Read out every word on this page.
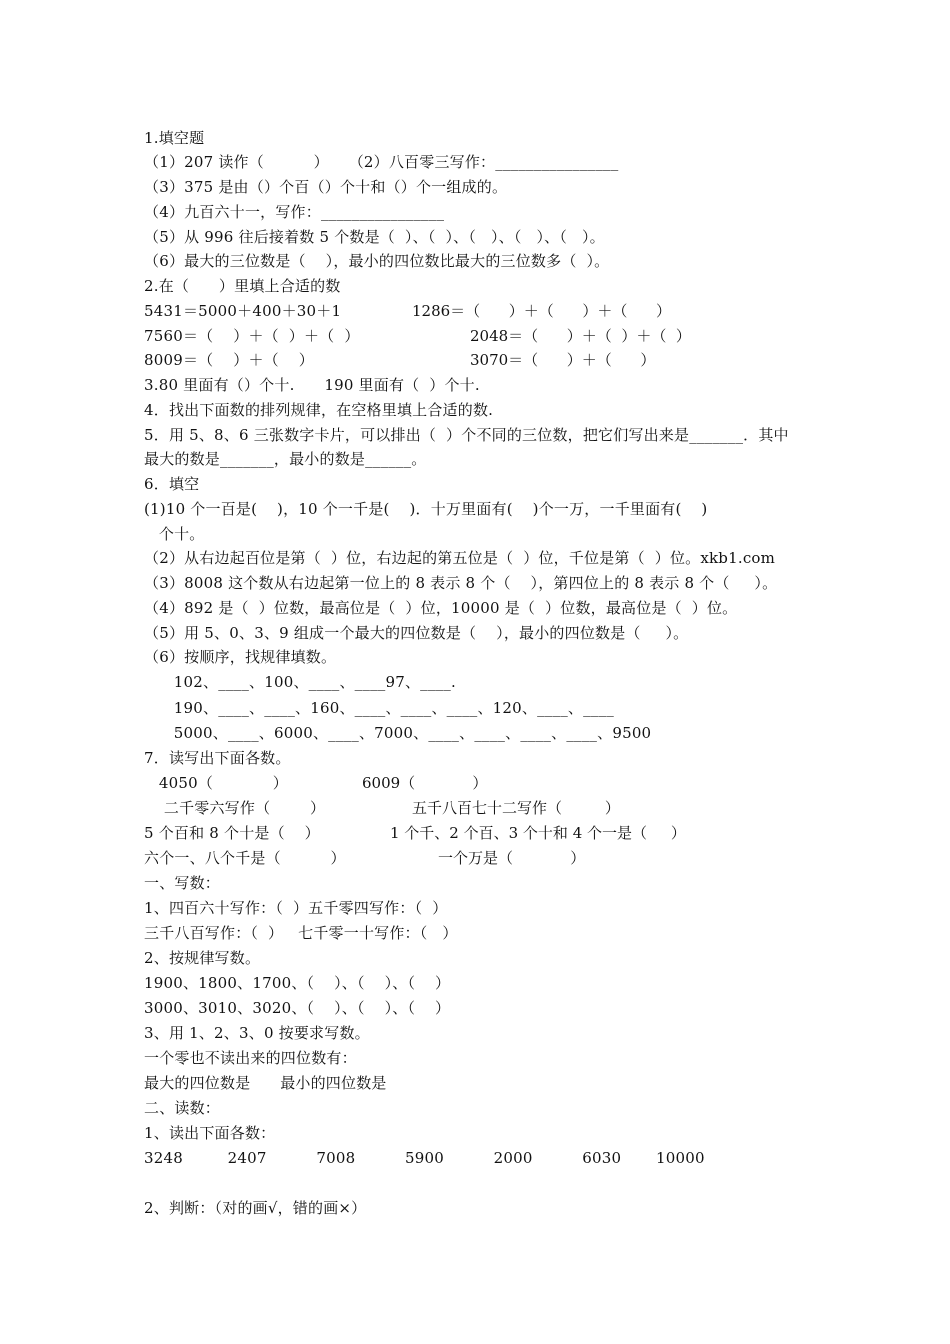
1.填空题
（1）207 读作（          ）    （2）八百零三写作：________________
（3）375 是由（）个百（）个十和（）个一组成的。
（4）九百六十一，写作：________________
（5）从 996 往后接着数 5 个数是（  ）、（  ）、（   ）、（   ）、（   ）。
（6）最大的三位数是（    ），最小的四位数比最大的三位数多（  ）。
2.在（      ）里填上合适的数
5431＝5000＋400＋30＋1	1286＝（      ）＋（      ）＋（      ）
7560＝（    ）＋（  ）＋（  ）	2048＝（      ）＋（  ）＋（  ）
8009＝（    ）＋（    ）	3070＝（      ）＋（      ）
3.80 里面有（）个十.      190 里面有（  ）个十.
4．找出下面数的排列规律，在空格里填上合适的数.
5．用 5、8、6 三张数字卡片，可以排出（  ）个不同的三位数，把它们写出来是_______．其中
最大的数是_______，最小的数是______。
6．填空
(1)10 个一百是(    )，10 个一千是(    )．十万里面有(    )个一万，一千里面有(    )
个十。
（2）从右边起百位是第（  ）位，右边起的第五位是（  ）位，千位是第（  ）位。xkb1.com
（3）8008 这个数从右边起第一位上的 8 表示 8 个（    ），第四位上的 8 表示 8 个（     ）。
（4）892 是（  ）位数，最高位是（  ）位，10000 是（  ）位数，最高位是（  ）位。
（5）用 5、0、3、9 组成一个最大的四位数是（    ），最小的四位数是（     ）。
（6）按顺序，找规律填数。
102、____、100、____、____97、____.
190、____、____、160、____、____、____、120、____、____
5000、____、6000、____、7000、____、____、____、____、9500
7．读写出下面各数。
4050（            ）	6009（            ）
二千零六写作（        ）	五千八百七十二写作（         ）
5 个百和 8 个十是（    ）	1 个千、2 个百、3 个十和 4 个一是（     ）
六个一、八个千是（          ）	一个万是（            ）
一、写数：
1、四百六十写作：（  ）五千零四写作：（  ）
三千八百写作：（  ）   七千零一十写作：（   ）
2、按规律写数。
1900、1800、1700、（    ）、（    ）、（    ）
3000、3010、3020、（    ）、（    ）、（    ）
3、用 1、2、3、0 按要求写数。
一个零也不读出来的四位数有：
最大的四位数是      最小的四位数是
二、读数：
1、读出下面各数：
3248         2407          7008          5900          2000          6030       10000
2、判断：（对的画√，错的画×）
